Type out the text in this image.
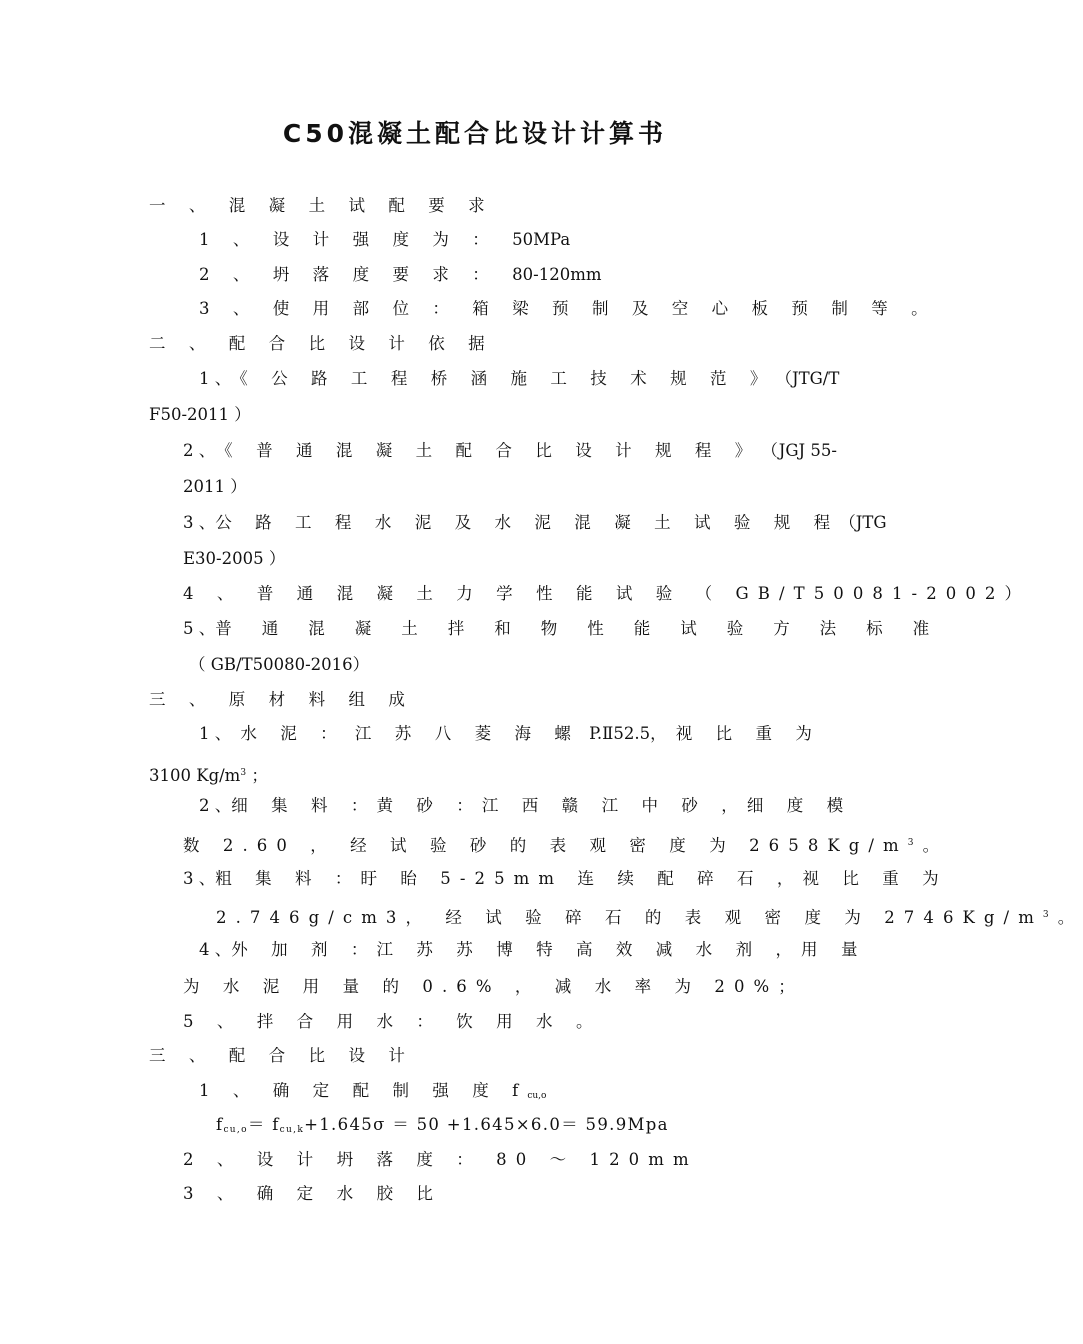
C50混凝土配合比设计计算书
一 、 混 凝 土 试 配 要 求
1 、 设 计 强 度 为 ： 50MPa
2 、 坍 落 度 要 求 ： 80-120mm
3 、 使 用 部 位 ： 箱 梁 预 制 及 空 心 板 预 制 等 。
二 、 配 合 比 设 计 依 据
1 、 《 公 路 工 程 桥 涵 施 工 技 术 规 范 》 （ JTG/T
F50-2011 ）
2 、 《 普 通 混 凝 土 配 合 比 设 计 规 程 》 （ JGJ 55-
2011 ）
3 、 公 路 工 程 水 泥 及 水 泥 混 凝 土 试 验 规 程 （ JTG
E30-2005 ）
4 、 普 通 混 凝 土 力 学 性 能 试 验 （ GB/T50081-2002）
5 、 普 通 混 凝 土 拌 和 物 性 能 试 验 方 法 标 准
（ GB/T50080-2016）
三 、 原 材 料 组 成
1 、 水 泥 ： 江 苏 八 菱 海 螺 P.Ⅱ52.5， 视 比 重 为
3100 $Kg/m^3$ ；
2 、 细 集 料 ： 黄 砂 ： 江 西 赣 江 中 砂 ， 细 度 模
数 2.60 ， 经 试 验 砂 的 表 观 密 度 为 $2658Kg/m^3$。
3 、 粗 集 料 ： 盱 眙 5-25mm 连 续 配 碎 石 ， 视 比 重 为
2.746g/cm3， 经 试 验 碎 石 的 表 观 密 度 为 $2746Kg/m^3$。
4 、 外 加 剂 ： 江 苏 苏 博 特 高 效 减 水 剂 ， 用 量
为 水 泥 用 量 的 0.6% ， 减 水 率 为 20%；
5 、 拌 合 用 水 ： 饮 用 水 。
三 、 配 合 比 设 计
1 、 确 定 配 制 强 度 $f_{cu,o}$
$f_{cu,o}= f_{cu,k}+1.645\sigma = 50 +1.645\times 6.0= 59.9Mpa$
2 、 设 计 坍 落 度 ： 80 ～ 120mm
3 、 确 定 水 胶 比
